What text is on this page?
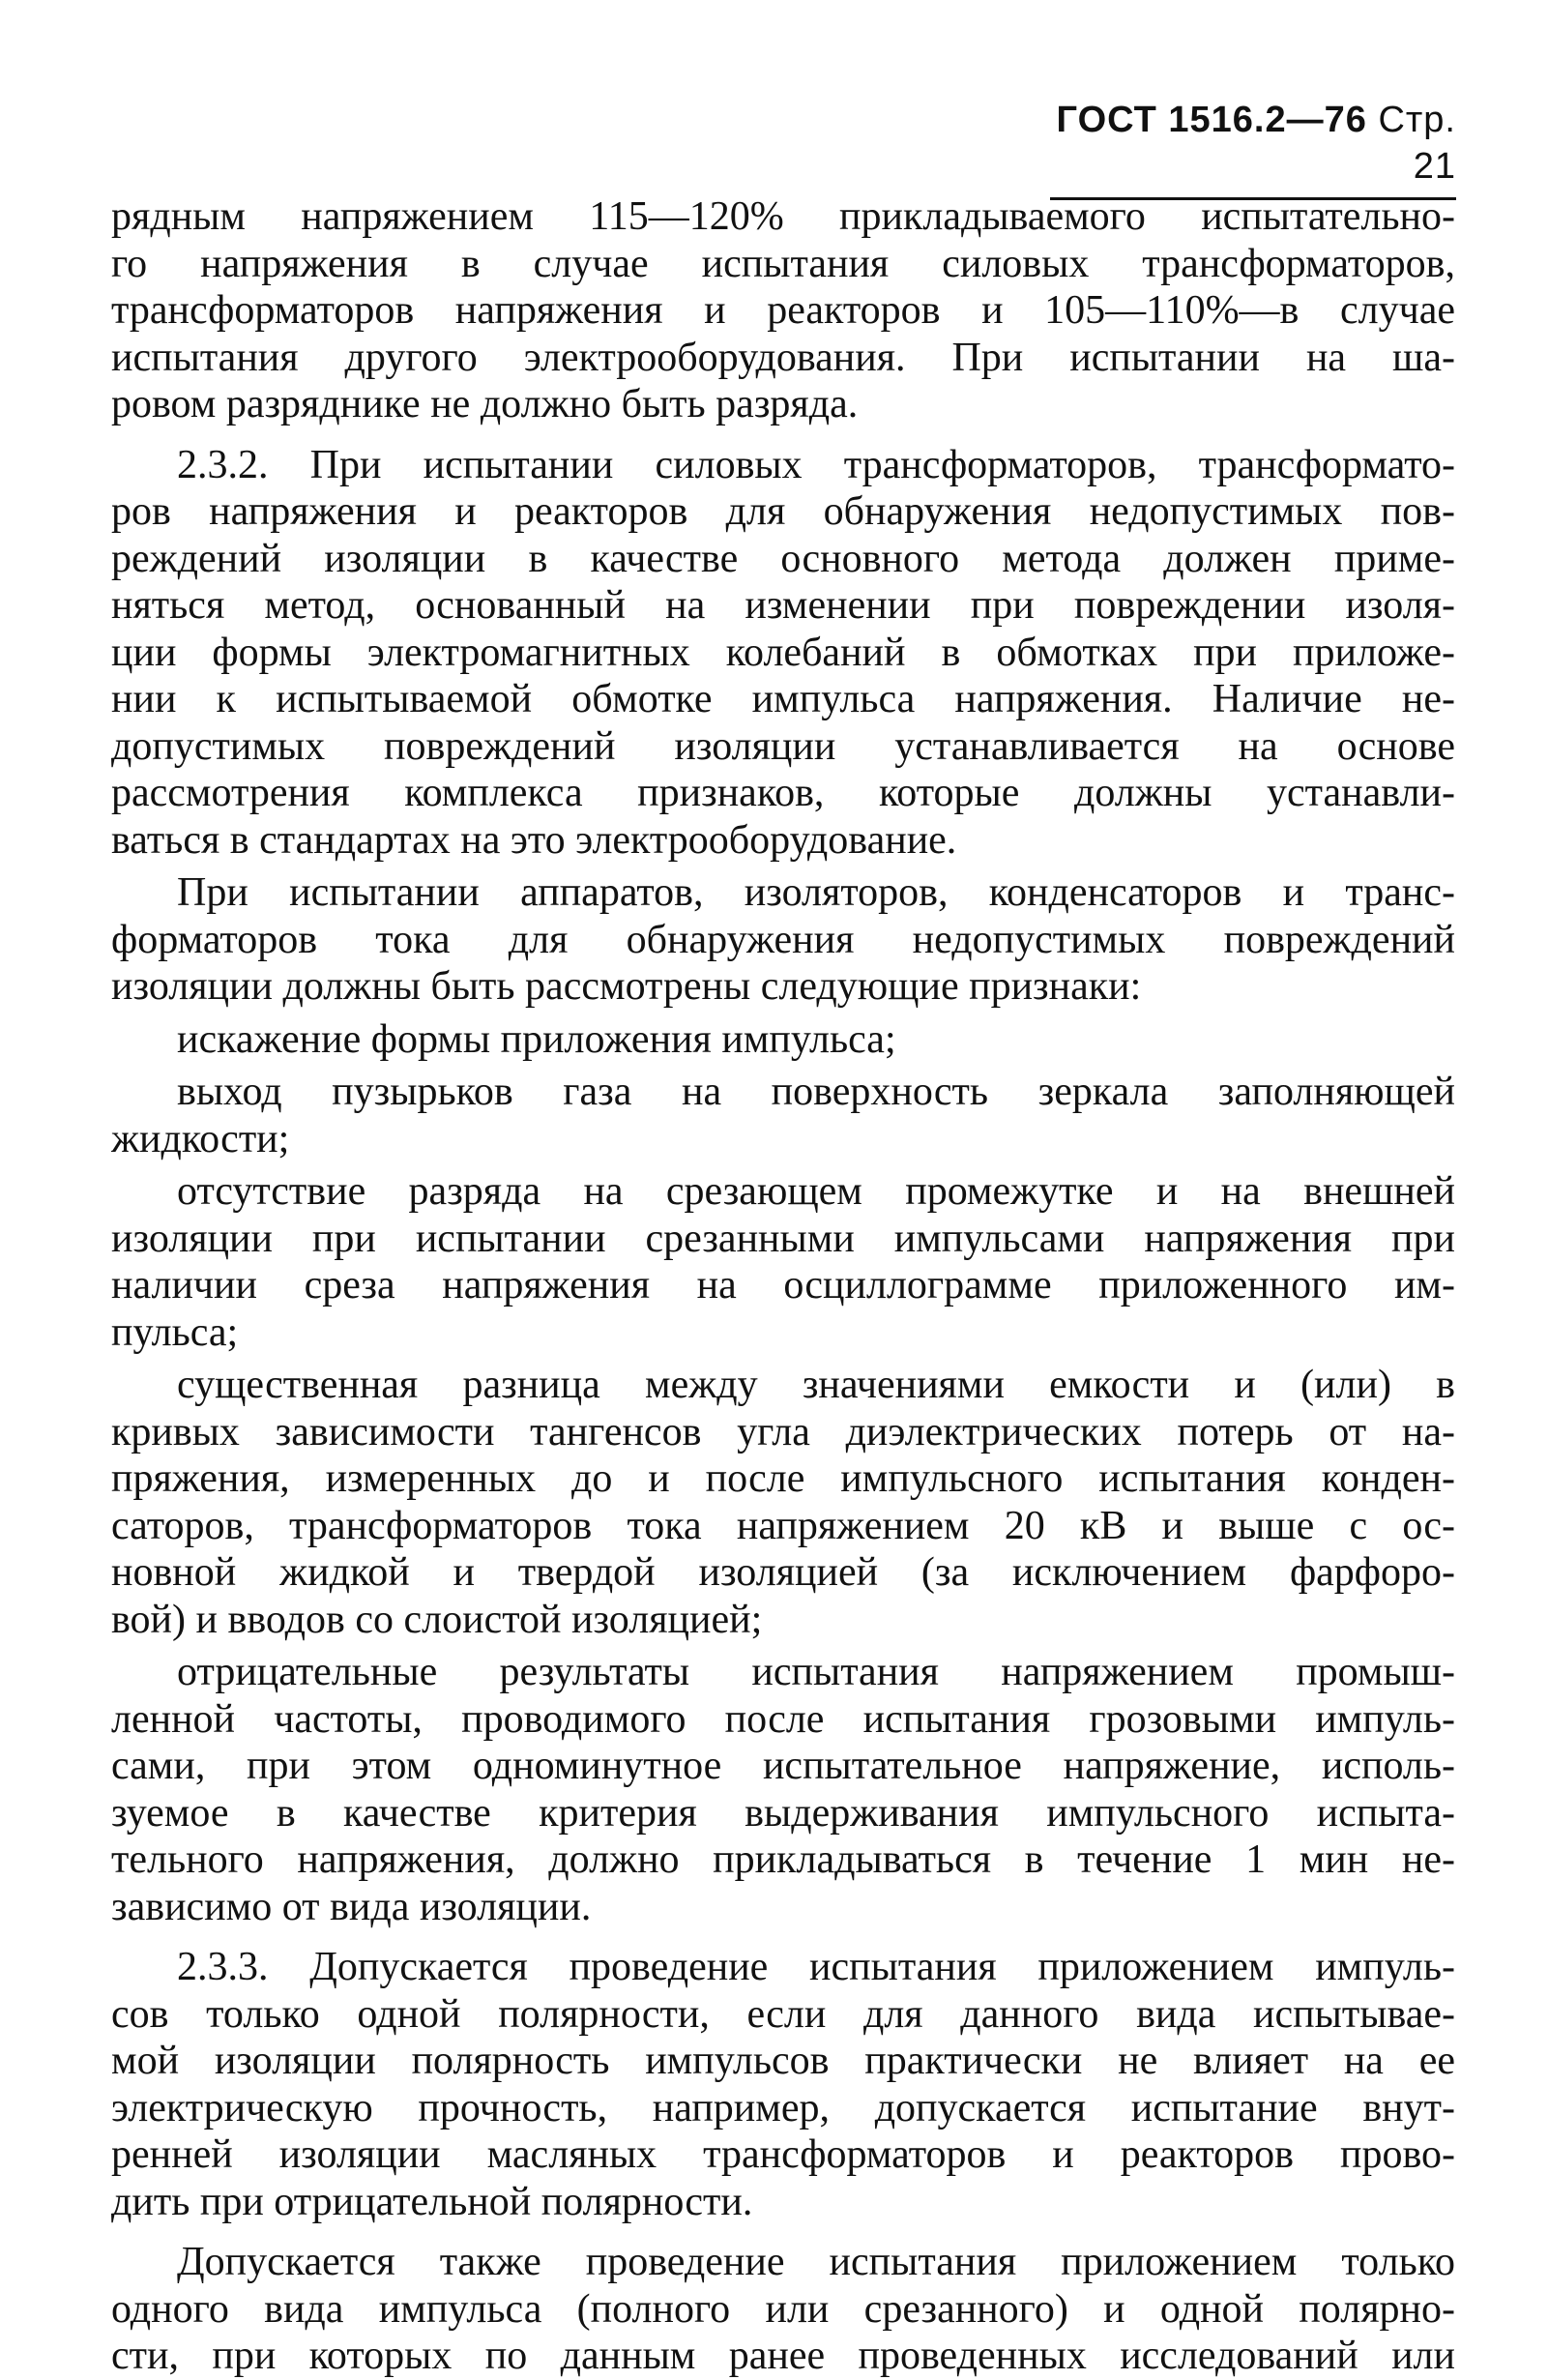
ГОСТ 1516.2—76 Стр. 21
рядным напряжением 115—120% прикладываемого испытательно-
го напряжения в случае испытания силовых трансформаторов,
трансформаторов напряжения и реакторов и 105—110%—в случае
испытания другого электрооборудования. При испытании на ша-
ровом разряднике не должно быть разряда.
2.3.2. При испытании силовых трансформаторов, трансформато-
ров напряжения и реакторов для обнаружения недопустимых пов-
реждений изоляции в качестве основного метода должен приме-
няться метод, основанный на изменении при повреждении изоля-
ции формы электромагнитных колебаний в обмотках при приложе-
нии к испытываемой обмотке импульса напряжения. Наличие не-
допустимых повреждений изоляции устанавливается на основе
рассмотрения комплекса признаков, которые должны устанавли-
ваться в стандартах на это электрооборудование.
При испытании аппаратов, изоляторов, конденсаторов и транс-
форматоров тока для обнаружения недопустимых повреждений
изоляции должны быть рассмотрены следующие признаки:
искажение формы приложения импульса;
выход пузырьков газа на поверхность зеркала заполняющей
жидкости;
отсутствие разряда на срезающем промежутке и на внешней
изоляции при испытании срезанными импульсами напряжения при
наличии среза напряжения на осциллограмме приложенного им-
пульса;
существенная разница между значениями емкости и (или) в
кривых зависимости тангенсов угла диэлектрических потерь от на-
пряжения, измеренных до и после импульсного испытания конден-
саторов, трансформаторов тока напряжением 20 кВ и выше с ос-
новной жидкой и твердой изоляцией (за исключением фарфоро-
вой) и вводов со слоистой изоляцией;
отрицательные результаты испытания напряжением промыш-
ленной частоты, проводимого после испытания грозовыми импуль-
сами, при этом одноминутное испытательное напряжение, исполь-
зуемое в качестве критерия выдерживания импульсного испыта-
тельного напряжения, должно прикладываться в течение 1 мин не-
зависимо от вида изоляции.
2.3.3. Допускается проведение испытания приложением импуль-
сов только одной полярности, если для данного вида испытывае-
мой изоляции полярность импульсов практически не влияет на ее
электрическую прочность, например, допускается испытание внут-
ренней изоляции масляных трансформаторов и реакторов прово-
дить при отрицательной полярности.
Допускается также проведение испытания приложением только
одного вида импульса (полного или срезанного) и одной полярно-
сти, при которых по данным ранее проведенных исследований или
